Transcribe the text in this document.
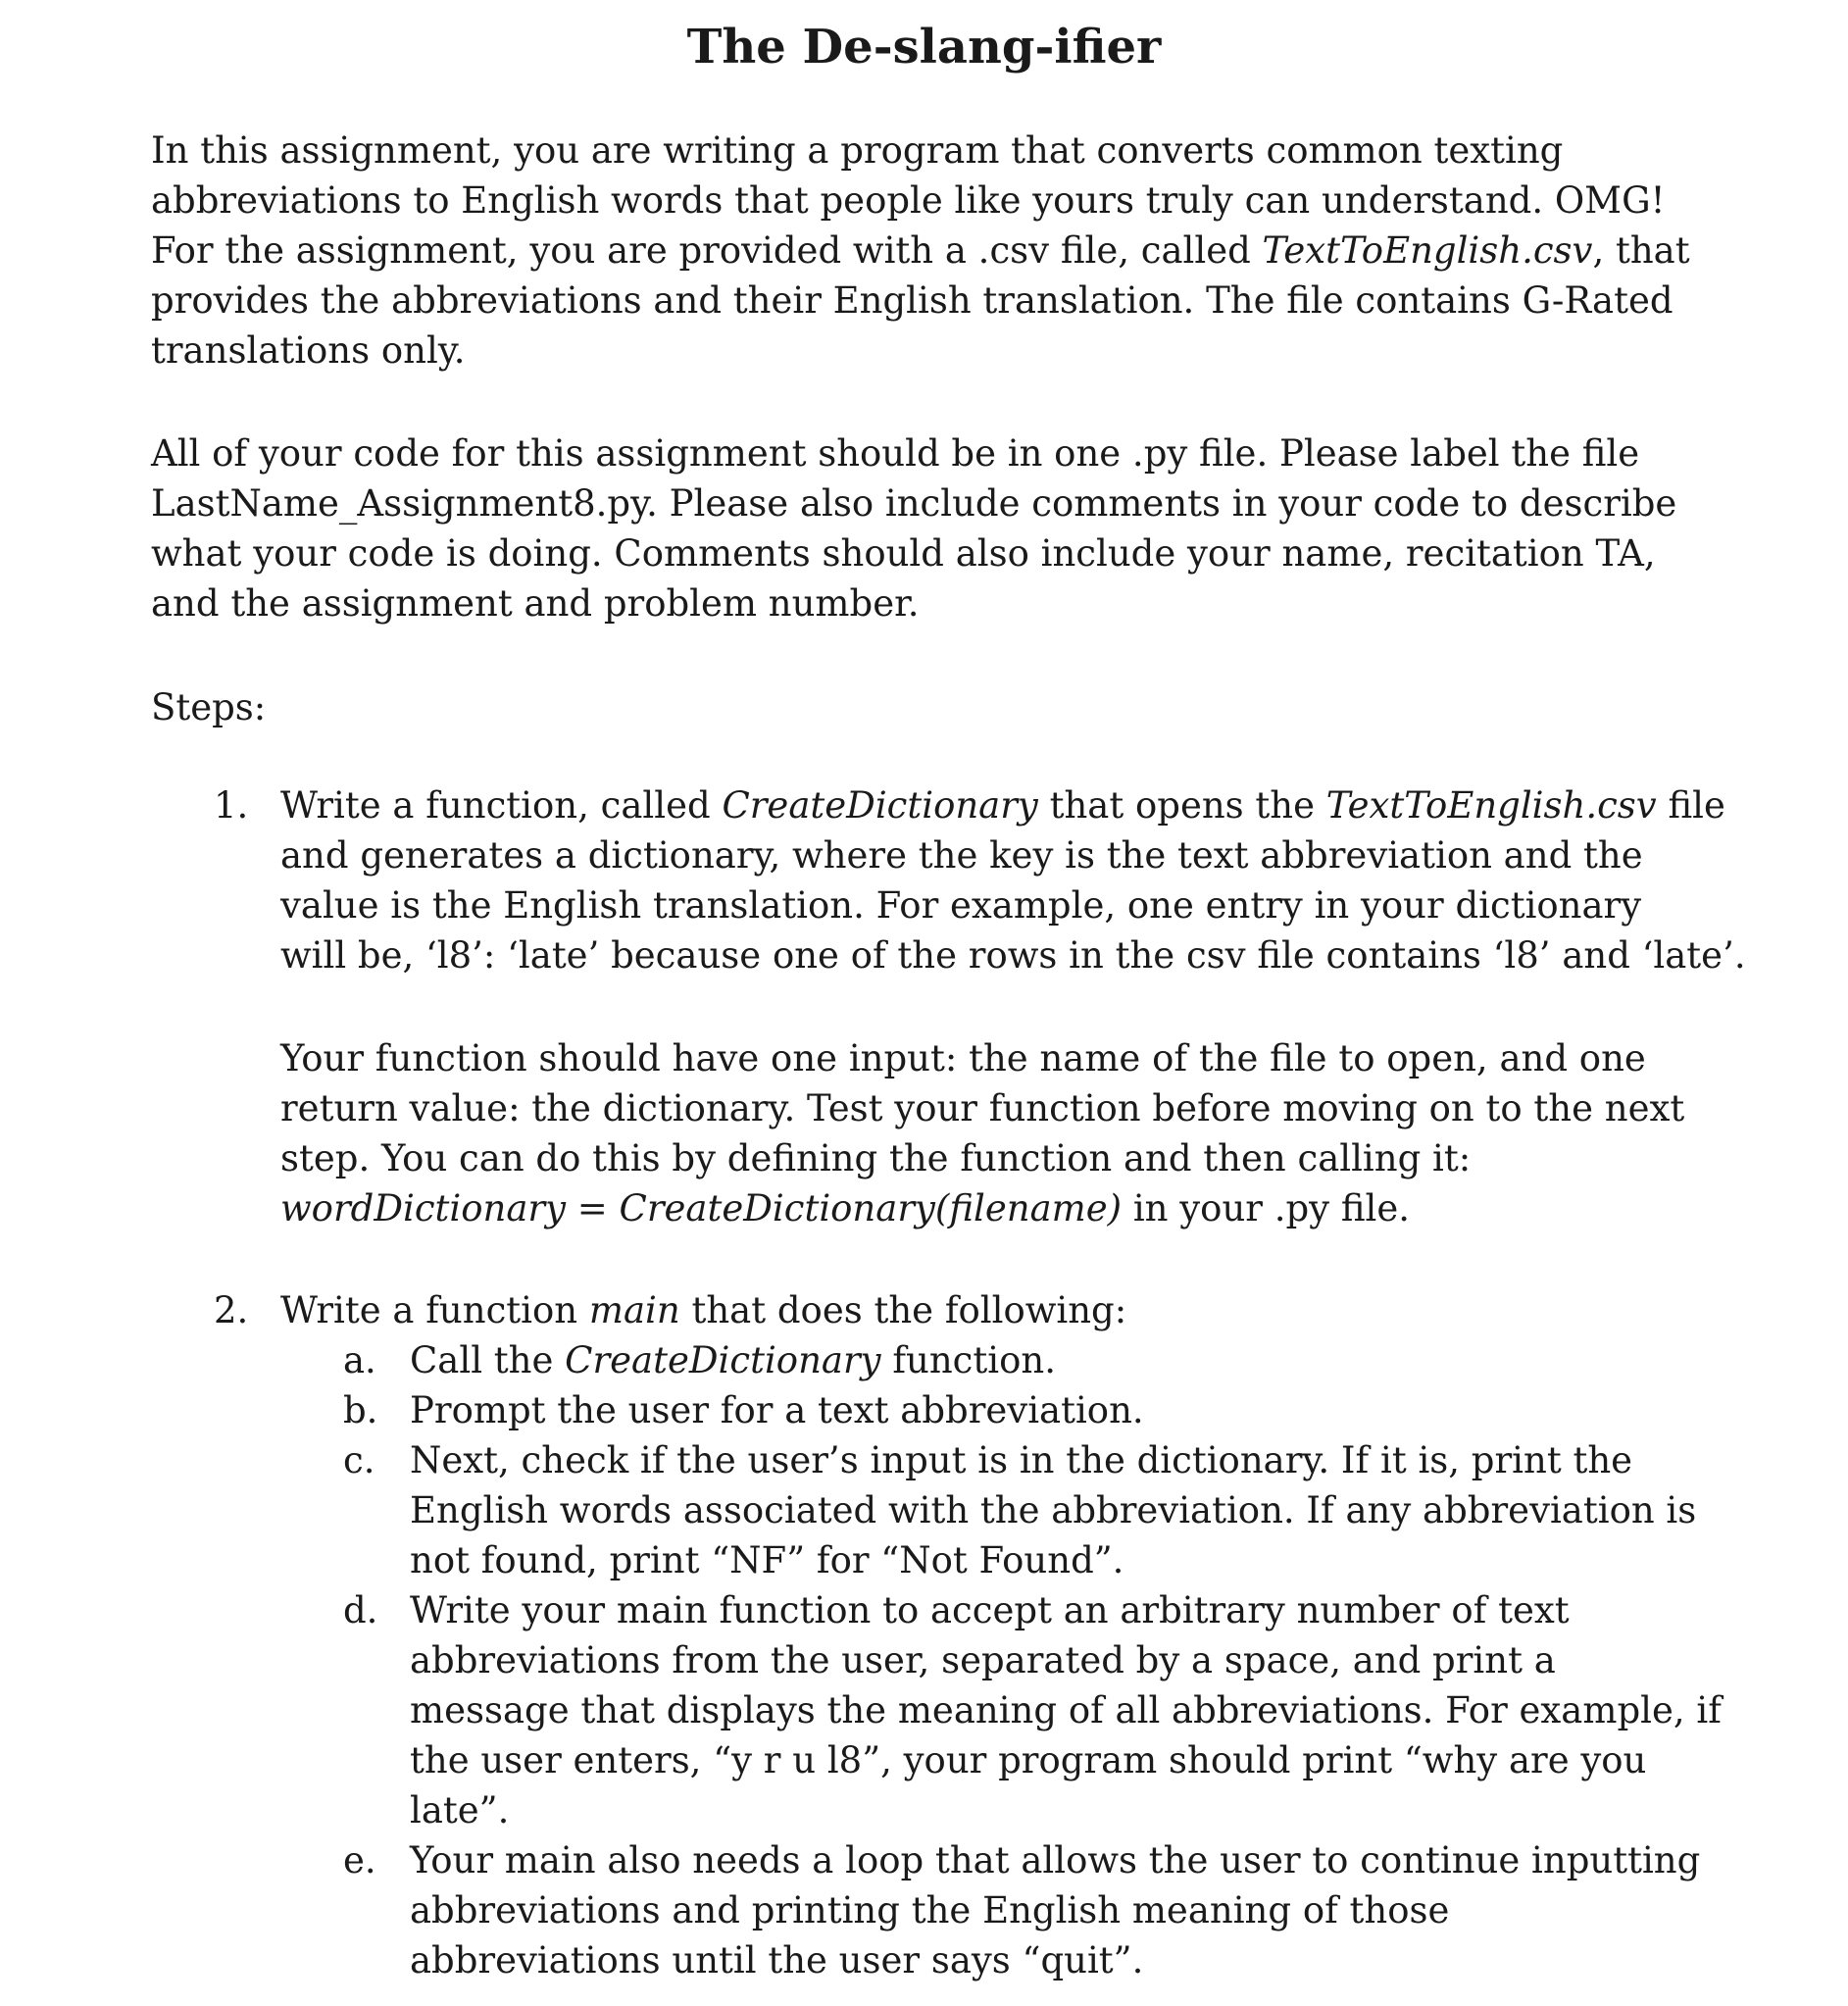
The De-slang-ifier
In this assignment, you are writing a program that converts common texting
abbreviations to English words that people like yours truly can understand. OMG!
For the assignment, you are provided with a .csv file, called TextToEnglish.csv, that
provides the abbreviations and their English translation. The file contains G-Rated
translations only.
All of your code for this assignment should be in one .py file. Please label the file
LastName_Assignment8.py. Please also include comments in your code to describe
what your code is doing. Comments should also include your name, recitation TA,
and the assignment and problem number.
Steps:
1. Write a function, called CreateDictionary that opens the TextToEnglish.csv file
and generates a dictionary, where the key is the text abbreviation and the
value is the English translation. For example, one entry in your dictionary
will be, ‘l8’: ‘late’ because one of the rows in the csv file contains ‘l8’ and ‘late’.
Your function should have one input: the name of the file to open, and one
return value: the dictionary. Test your function before moving on to the next
step. You can do this by defining the function and then calling it:
wordDictionary = CreateDictionary(filename) in your .py file.
2. Write a function main that does the following:
a. Call the CreateDictionary function.
b. Prompt the user for a text abbreviation.
c. Next, check if the user’s input is in the dictionary. If it is, print the
English words associated with the abbreviation. If any abbreviation is
not found, print “NF” for “Not Found”.
d. Write your main function to accept an arbitrary number of text
abbreviations from the user, separated by a space, and print a
message that displays the meaning of all abbreviations. For example, if
the user enters, “y r u l8”, your program should print “why are you
late”.
e. Your main also needs a loop that allows the user to continue inputting
abbreviations and printing the English meaning of those
abbreviations until the user says “quit”.
